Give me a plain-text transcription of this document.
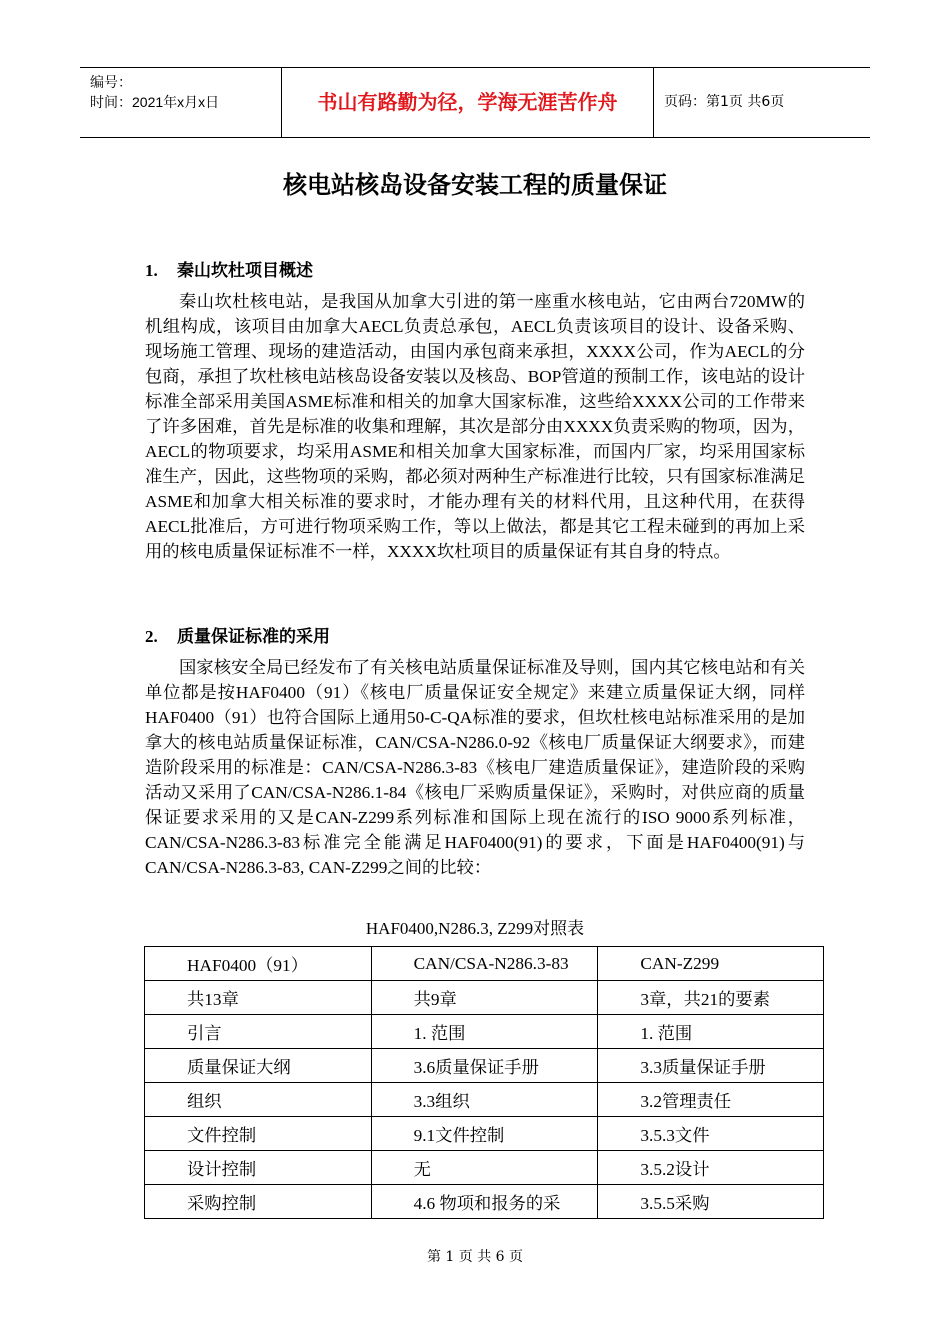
编号：
时间：2021年x月x日	书山有路勤为径，学海无涯苦作舟	页码：第1页 共6页
核电站核岛设备安装工程的质量保证
1. 秦山坎杜项目概述

秦山坎杜核电站，是我国从加拿大引进的第一座重水核电站，它由两台720MW的机组构成，该项目由加拿大AECL负责总承包，AECL负责该项目的设计、设备采购、现场施工管理、现场的建造活动，由国内承包商来承担，XXXX公司，作为AECL的分包商，承担了坎杜核电站核岛设备安装以及核岛、BOP管道的预制工作，该电站的设计标准全部采用美国ASME标准和相关的加拿大国家标准，这些给XXXX公司的工作带来了许多困难，首先是标准的收集和理解，其次是部分由XXXX负责采购的物项，因为，AECL的物项要求，均采用ASME和相关加拿大国家标准，而国内厂家，均采用国家标准生产，因此，这些物项的采购，都必须对两种生产标准进行比较，只有国家标准满足ASME和加拿大相关标准的要求时，才能办理有关的材料代用，且这种代用，在获得AECL批准后，方可进行物项采购工作，等以上做法，都是其它工程未碰到的再加上采用的核电质量保证标准不一样，XXXX坎杜项目的质量保证有其自身的特点。

2. 质量保证标准的采用

国家核安全局已经发布了有关核电站质量保证标准及导则，国内其它核电站和有关单位都是按HAF0400（91）《核电厂质量保证安全规定》来建立质量保证大纲，同样HAF0400（91）也符合国际上通用50-C-QA标准的要求，但坎杜核电站标准采用的是加拿大的核电站质量保证标准，CAN/CSA-N286.0-92《核电厂质量保证大纲要求》，而建造阶段采用的标准是：CAN/CSA-N286.3-83《核电厂建造质量保证》，建造阶段的采购活动又采用了CAN/CSA-N286.1-84《核电厂采购质量保证》，采购时，对供应商的质量保证要求采用的又是CAN-Z299系列标准和国际上现在流行的ISO 9000系列标准，CAN/CSA-N286.3-83标准完全能满足HAF0400(91)的要求，下面是HAF0400(91)与CAN/CSA-N286.3-83, CAN-Z299之间的比较：

HAF0400,N286.3, Z299对照表
HAF0400（91）	CAN/CSA-N286.3-83	CAN-Z299
共13章	共9章	3章，共21的要素
引言	1. 范围	1. 范围
质量保证大纲	3.6质量保证手册	3.3质量保证手册
组织	3.3组织	3.2管理责任
文件控制	9.1文件控制	3.5.3文件
设计控制	无	3.5.2设计
采购控制	4.6 物项和报务的采	3.5.5采购
第 1 页 共 6 页
